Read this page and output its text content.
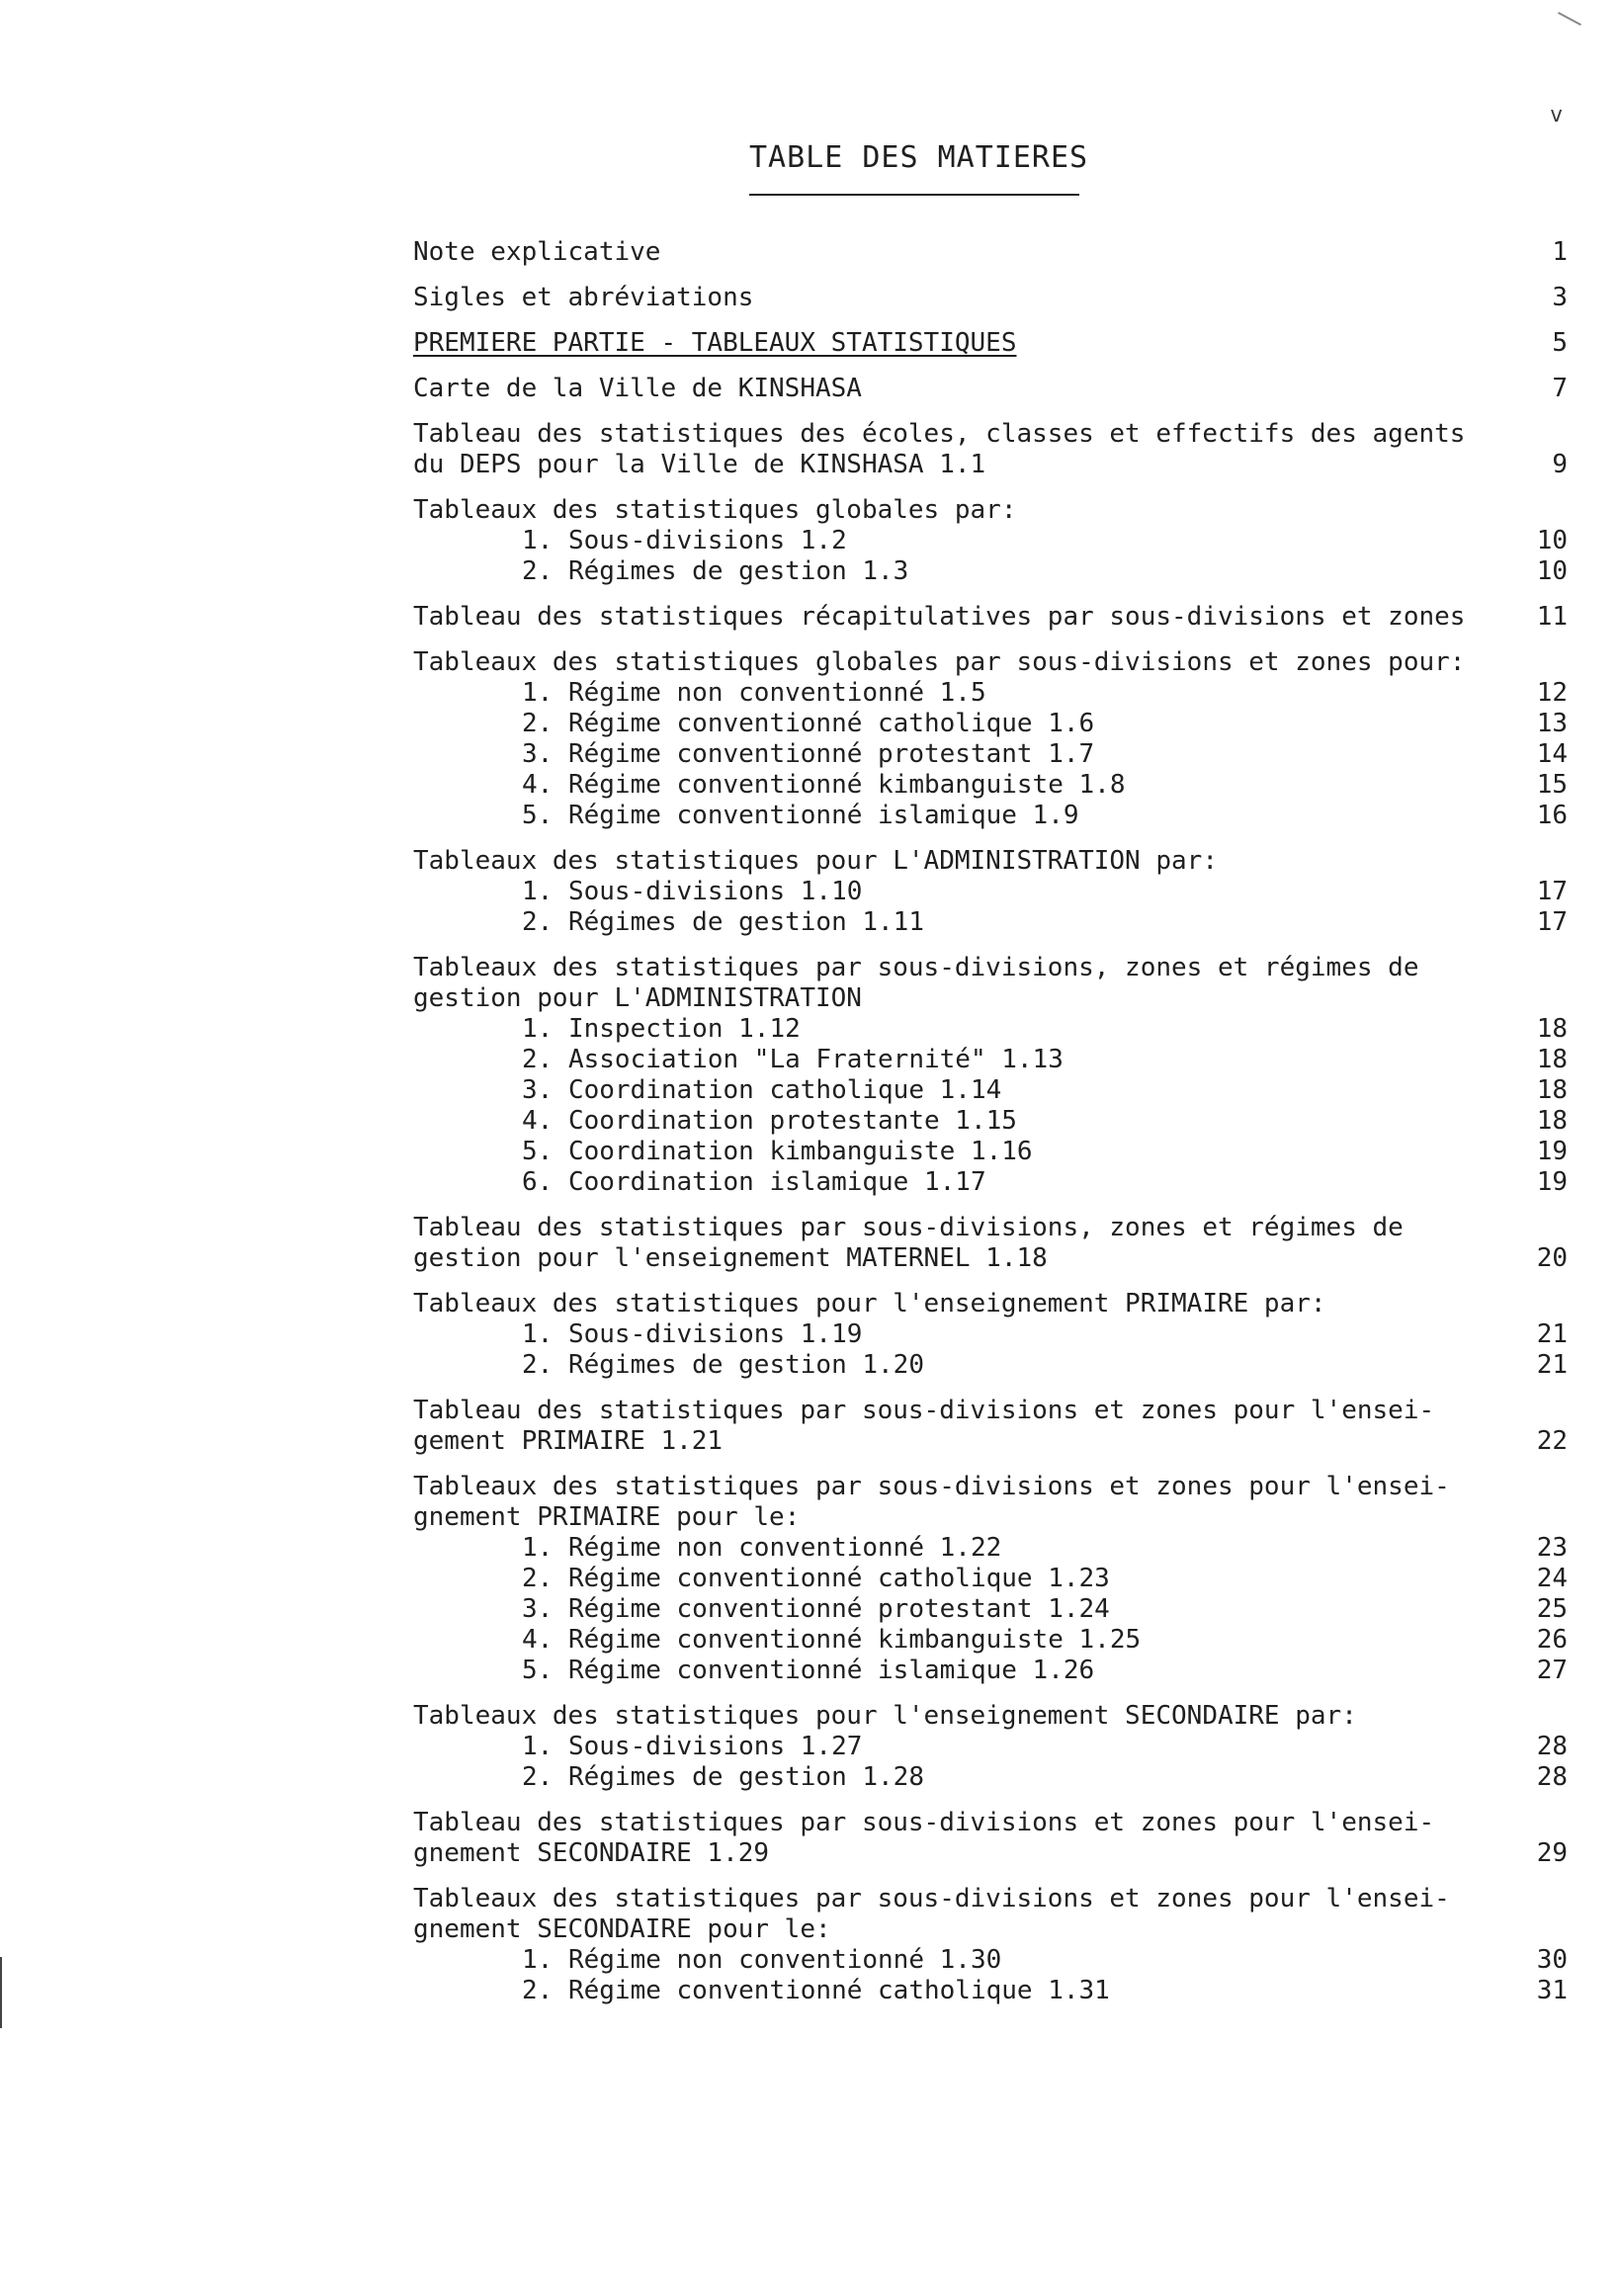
v
TABLE DES MATIERES
Note explicative	1
Sigles et abréviations	3
PREMIERE PARTIE - TABLEAUX STATISTIQUES	5
Carte de la Ville de KINSHASA	7
Tableau des statistiques des écoles, classes et effectifs des agents
du DEPS pour la Ville de KINSHASA 1.1	9
Tableaux des statistiques globales par:
1. Sous-divisions 1.2	10
2. Régimes de gestion 1.3	10
Tableau des statistiques récapitulatives par sous-divisions et zones	11
Tableaux des statistiques globales par sous-divisions et zones pour:
1. Régime non conventionné 1.5	12
2. Régime conventionné catholique 1.6	13
3. Régime conventionné protestant 1.7	14
4. Régime conventionné kimbanguiste 1.8	15
5. Régime conventionné islamique 1.9	16
Tableaux des statistiques pour L'ADMINISTRATION par:
1. Sous-divisions 1.10	17
2. Régimes de gestion 1.11	17
Tableaux des statistiques par sous-divisions, zones et régimes de
gestion pour L'ADMINISTRATION
1. Inspection 1.12	18
2. Association "La Fraternité" 1.13	18
3. Coordination catholique 1.14	18
4. Coordination protestante 1.15	18
5. Coordination kimbanguiste 1.16	19
6. Coordination islamique 1.17	19
Tableau des statistiques par sous-divisions, zones et régimes de
gestion pour l'enseignement MATERNEL 1.18	20
Tableaux des statistiques pour l'enseignement PRIMAIRE par:
1. Sous-divisions 1.19	21
2. Régimes de gestion 1.20	21
Tableau des statistiques par sous-divisions et zones pour l'ensei-
gement PRIMAIRE 1.21	22
Tableaux des statistiques par sous-divisions et zones pour l'ensei-
gnement PRIMAIRE pour le:
1. Régime non conventionné 1.22	23
2. Régime conventionné catholique 1.23	24
3. Régime conventionné protestant 1.24	25
4. Régime conventionné kimbanguiste 1.25	26
5. Régime conventionné islamique 1.26	27
Tableaux des statistiques pour l'enseignement SECONDAIRE par:
1. Sous-divisions 1.27	28
2. Régimes de gestion 1.28	28
Tableau des statistiques par sous-divisions et zones pour l'ensei-
gnement SECONDAIRE 1.29	29
Tableaux des statistiques par sous-divisions et zones pour l'ensei-
gnement SECONDAIRE pour le:
1. Régime non conventionné 1.30	30
2. Régime conventionné catholique 1.31	31
